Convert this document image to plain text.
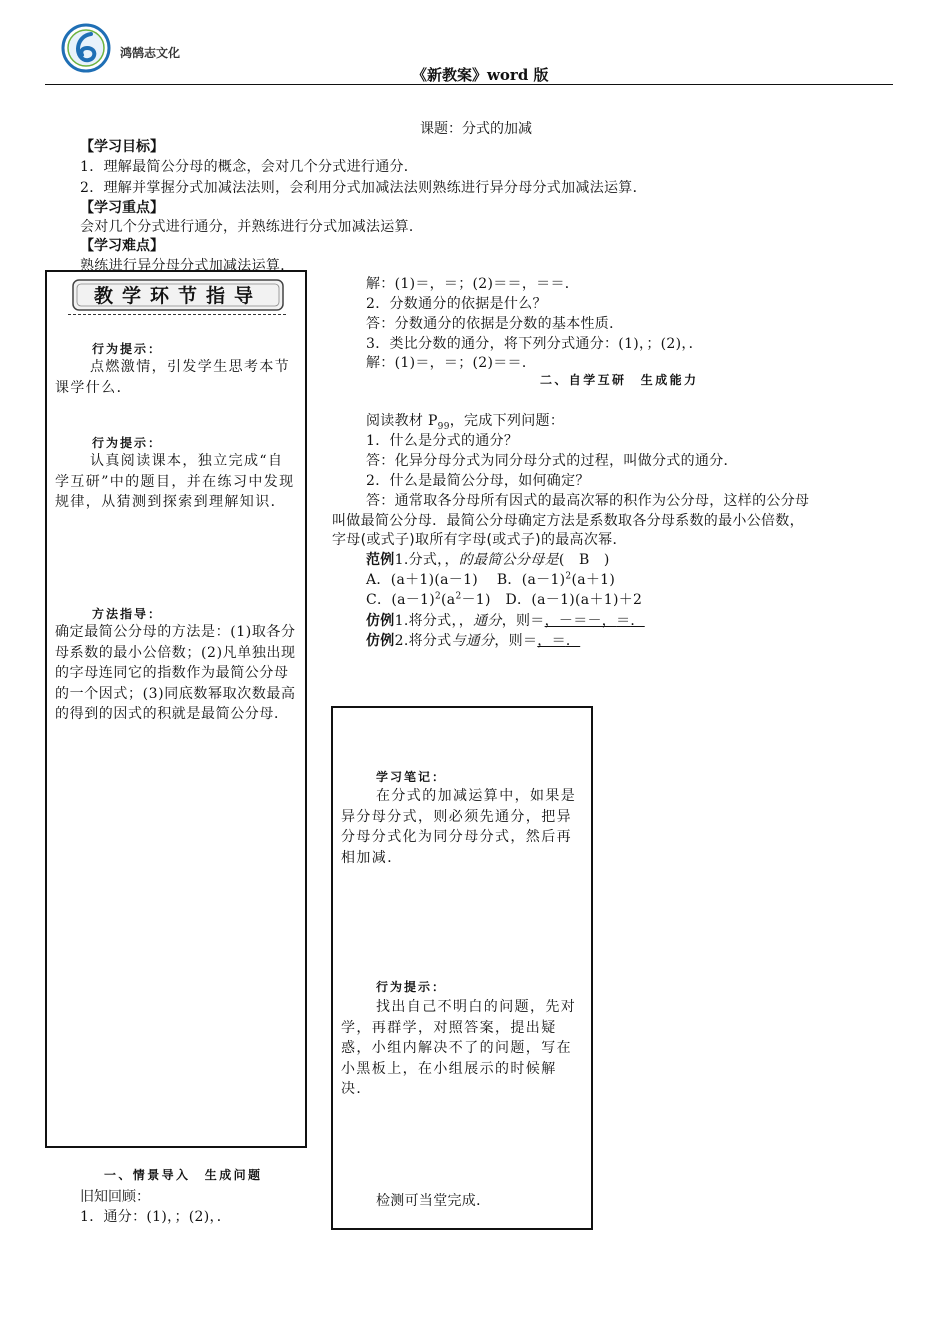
鸿鹄志文化
《新教案》word 版
课题：分式的加减
【学习目标】
1．理解最简公分母的概念，会对几个分式进行通分．
2．理解并掌握分式加减法法则，会利用分式加减法法则熟练进行异分母分式加减法运算．
【学习重点】
会对几个分式进行通分，并熟练进行分式加减法运算．
【学习难点】
熟练进行异分母分式加减法运算．
教学环节指导
行为提示：
点燃激情，引发学生思考本节课学什么．
行为提示：
认真阅读课本，独立完成“自学互研”中的题目，并在练习中发现规律，从猜测到探索到理解知识．
方法指导：
确定最简公分母的方法是：(1)取各分母系数的最小公倍数；(2)凡单独出现的字母连同它的指数作为最简公分母的一个因式；(3)同底数幂取次数最高的得到的因式的积就是最简公分母．
一、情景导入　生成问题
旧知回顾：
1．通分：(1)，；(2)，．
解：(1)＝，＝；(2)＝＝，＝＝．
2．分数通分的依据是什么？
答：分数通分的依据是分数的基本性质．
3．类比分数的通分，将下列分式通分：(1)，；(2)，．
解：(1)＝，＝；(2)＝＝．
二、自学互研　生成能力
阅读教材 $P_{99}$，完成下列问题：
1．什么是分式的通分？
答：化异分母分式为同分母分式的过程，叫做分式的通分．
2．什么是最简公分母，如何确定？
答：通常取各分母所有因式的最高次幂的积作为公分母，这样的公分母
叫做最简公分母．最简公分母确定方法是系数取各分母系数的最小公倍数，
字母(或式子)取所有字母(或式子)的最高次幂．
范例1.分式，，的最简公分母是(　B　)
A．(a＋1)(a－1) B．$(a-1)^2(a+1)$
C．$(a-1)^2(a^2-1)$ D．(a－1)(a＋1)＋2
仿例1.将分式，，通分，则＝，－＝－，＝．
仿例2.将分式与通分，则＝，＝．
学习笔记：
在分式的加减运算中，如果是异分母分式，则必须先通分，把异分母分式化为同分母分式，然后再相加减．
行为提示：
找出自己不明白的问题，先对学，再群学，对照答案，提出疑惑，小组内解决不了的问题，写在小黑板上，在小组展示的时候解决．
检测可当堂完成．
